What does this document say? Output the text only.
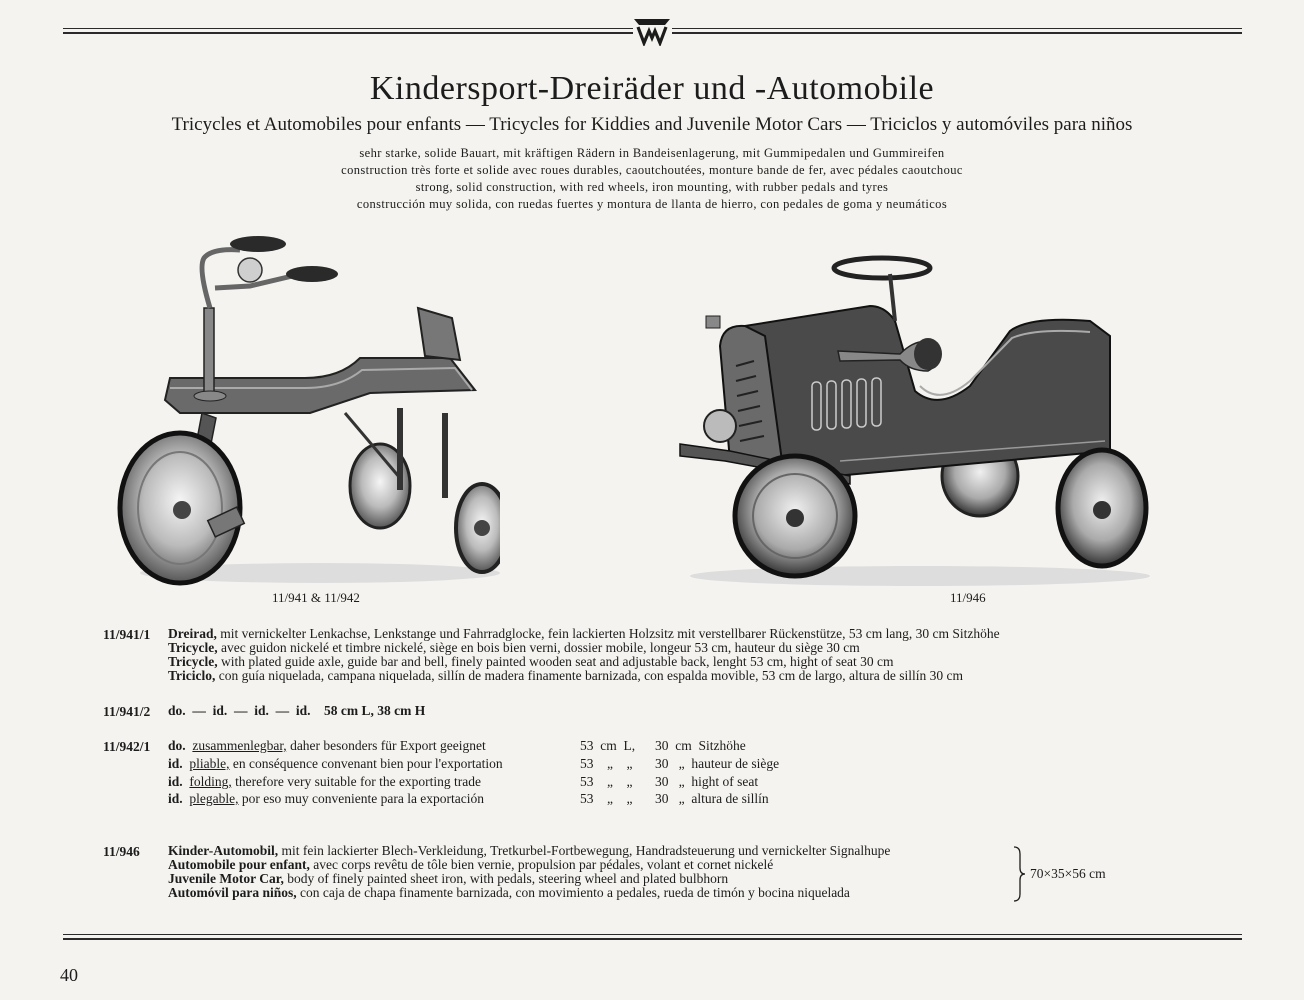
Kindersport-Dreiräder und -Automobile
Tricycles et Automobiles pour enfants — Tricycles for Kiddies and Juvenile Motor Cars — Triciclos y automóviles para niños
sehr starke, solide Bauart, mit kräftigen Rädern in Bandeisenlagerung, mit Gummipedalen und Gummireifen
construction très forte et solide avec roues durables, caoutchoutées, monture bande de fer, avec pédales caoutchouc
strong, solid construction, with red wheels, iron mounting, with rubber pedals and tyres
construcción muy solida, con ruedas fuertes y montura de llanta de hierro, con pedales de goma y neumáticos
11/941 & 11/942	11/946
11/941/1 Dreirad, mit vernickelter Lenkachse, Lenkstange und Fahrradglocke, fein lackierten Holzsitz mit verstellbarer Rückenstütze, 53 cm lang, 30 cm Sitzhöhe
Tricycle, avec guidon nickelé et timbre nickelé, siège en bois bien verni, dossier mobile, longeur 53 cm, hauteur du siège 30 cm
Tricycle, with plated guide axle, guide bar and bell, finely painted wooden seat and adjustable back, lenght 53 cm, hight of seat 30 cm
Triciclo, con guía niquelada, campana niquelada, sillín de madera finamente barnizada, con espalda movible, 53 cm de largo, altura de sillín 30 cm
11/941/2 do.  —  id.  —  id.  —  id.    58 cm L, 38 cm H
11/942/1 do. zusammenlegbar, daher besonders für Export geeignet	53  cm  L, 30  cm  Sitzhöhe
id. pliable, en conséquence convenant bien pour l'exportation	53    „    „ 30   „  hauteur de siège
id. folding, therefore very suitable for the exporting trade	53    „    „ 30   „  hight of seat
id. plegable, por eso muy conveniente para la exportación	53    „    „ 30   „  altura de sillín
11/946 Kinder-Automobil, mit fein lackierter Blech-Verkleidung, Tretkurbel-Fortbewegung, Handradsteuerung und vernickelter Signalhupe
Automobile pour enfant, avec corps revêtu de tôle bien vernie, propulsion par pédales, volant et cornet nickelé
Juvenile Motor Car, body of finely painted sheet iron, with pedals, steering wheel and plated bulbhorn
Automóvil para niños, con caja de chapa finamente barnizada, con movimiento a pedales, rueda de timón y bocina niquelada
70×35×56 cm
40
